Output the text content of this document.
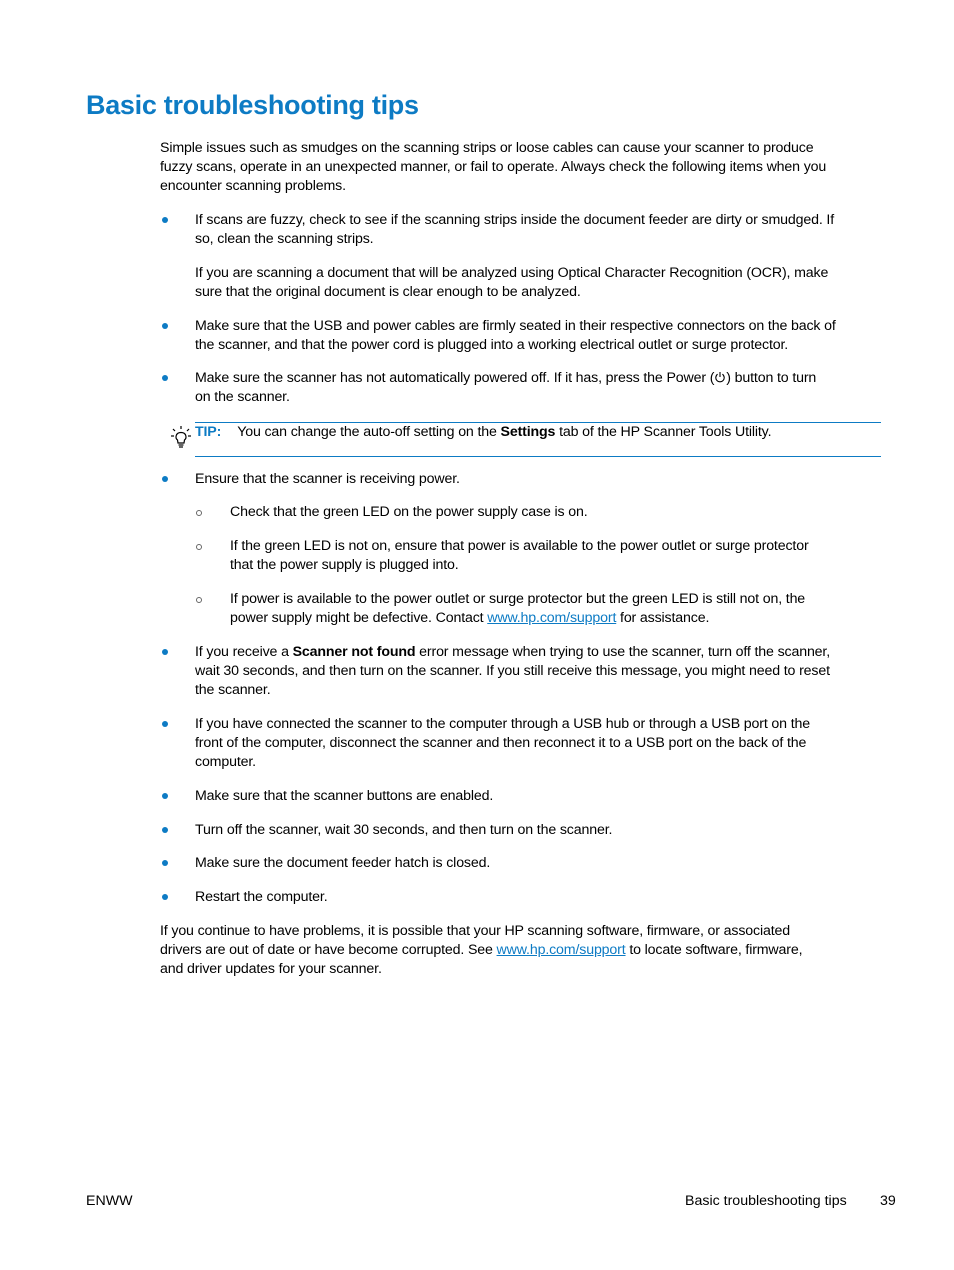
Basic troubleshooting tips

Simple issues such as smudges on the scanning strips or loose cables can cause your scanner to produce

fuzzy scans, operate in an unexpected manner, or fail to operate. Always check the following items when you

encounter scanning problems.

If scans are fuzzy, check to see if the scanning strips inside the document feeder are dirty or smudged. If

so, clean the scanning strips.

If you are scanning a document that will be analyzed using Optical Character Recognition (OCR), make

sure that the original document is clear enough to be analyzed.

Make sure that the USB and power cables are firmly seated in their respective connectors on the back of

the scanner, and that the power cord is plugged into a working electrical outlet or surge protector.

Make sure the scanner has not automatically powered off. If it has, press the Power ( ) button to turn

on the scanner.

TIP: You can change the auto-off setting on the Settings tab of the HP Scanner Tools Utility.

Ensure that the scanner is receiving power.

Check that the green LED on the power supply case is on.

If the green LED is not on, ensure that power is available to the power outlet or surge protector

that the power supply is plugged into.

If power is available to the power outlet or surge protector but the green LED is still not on, the

power supply might be defective. Contact www.hp.com/support for assistance.

If you receive a Scanner not found error message when trying to use the scanner, turn off the scanner,

wait 30 seconds, and then turn on the scanner. If you still receive this message, you might need to reset

the scanner.

If you have connected the scanner to the computer through a USB hub or through a USB port on the

front of the computer, disconnect the scanner and then reconnect it to a USB port on the back of the

computer.

Make sure that the scanner buttons are enabled.

Turn off the scanner, wait 30 seconds, and then turn on the scanner.

Make sure the document feeder hatch is closed.

Restart the computer.

If you continue to have problems, it is possible that your HP scanning software, firmware, or associated

drivers are out of date or have become corrupted. See www.hp.com/support to locate software, firmware,

and driver updates for your scanner.

ENWW	Basic troubleshooting tips 39
